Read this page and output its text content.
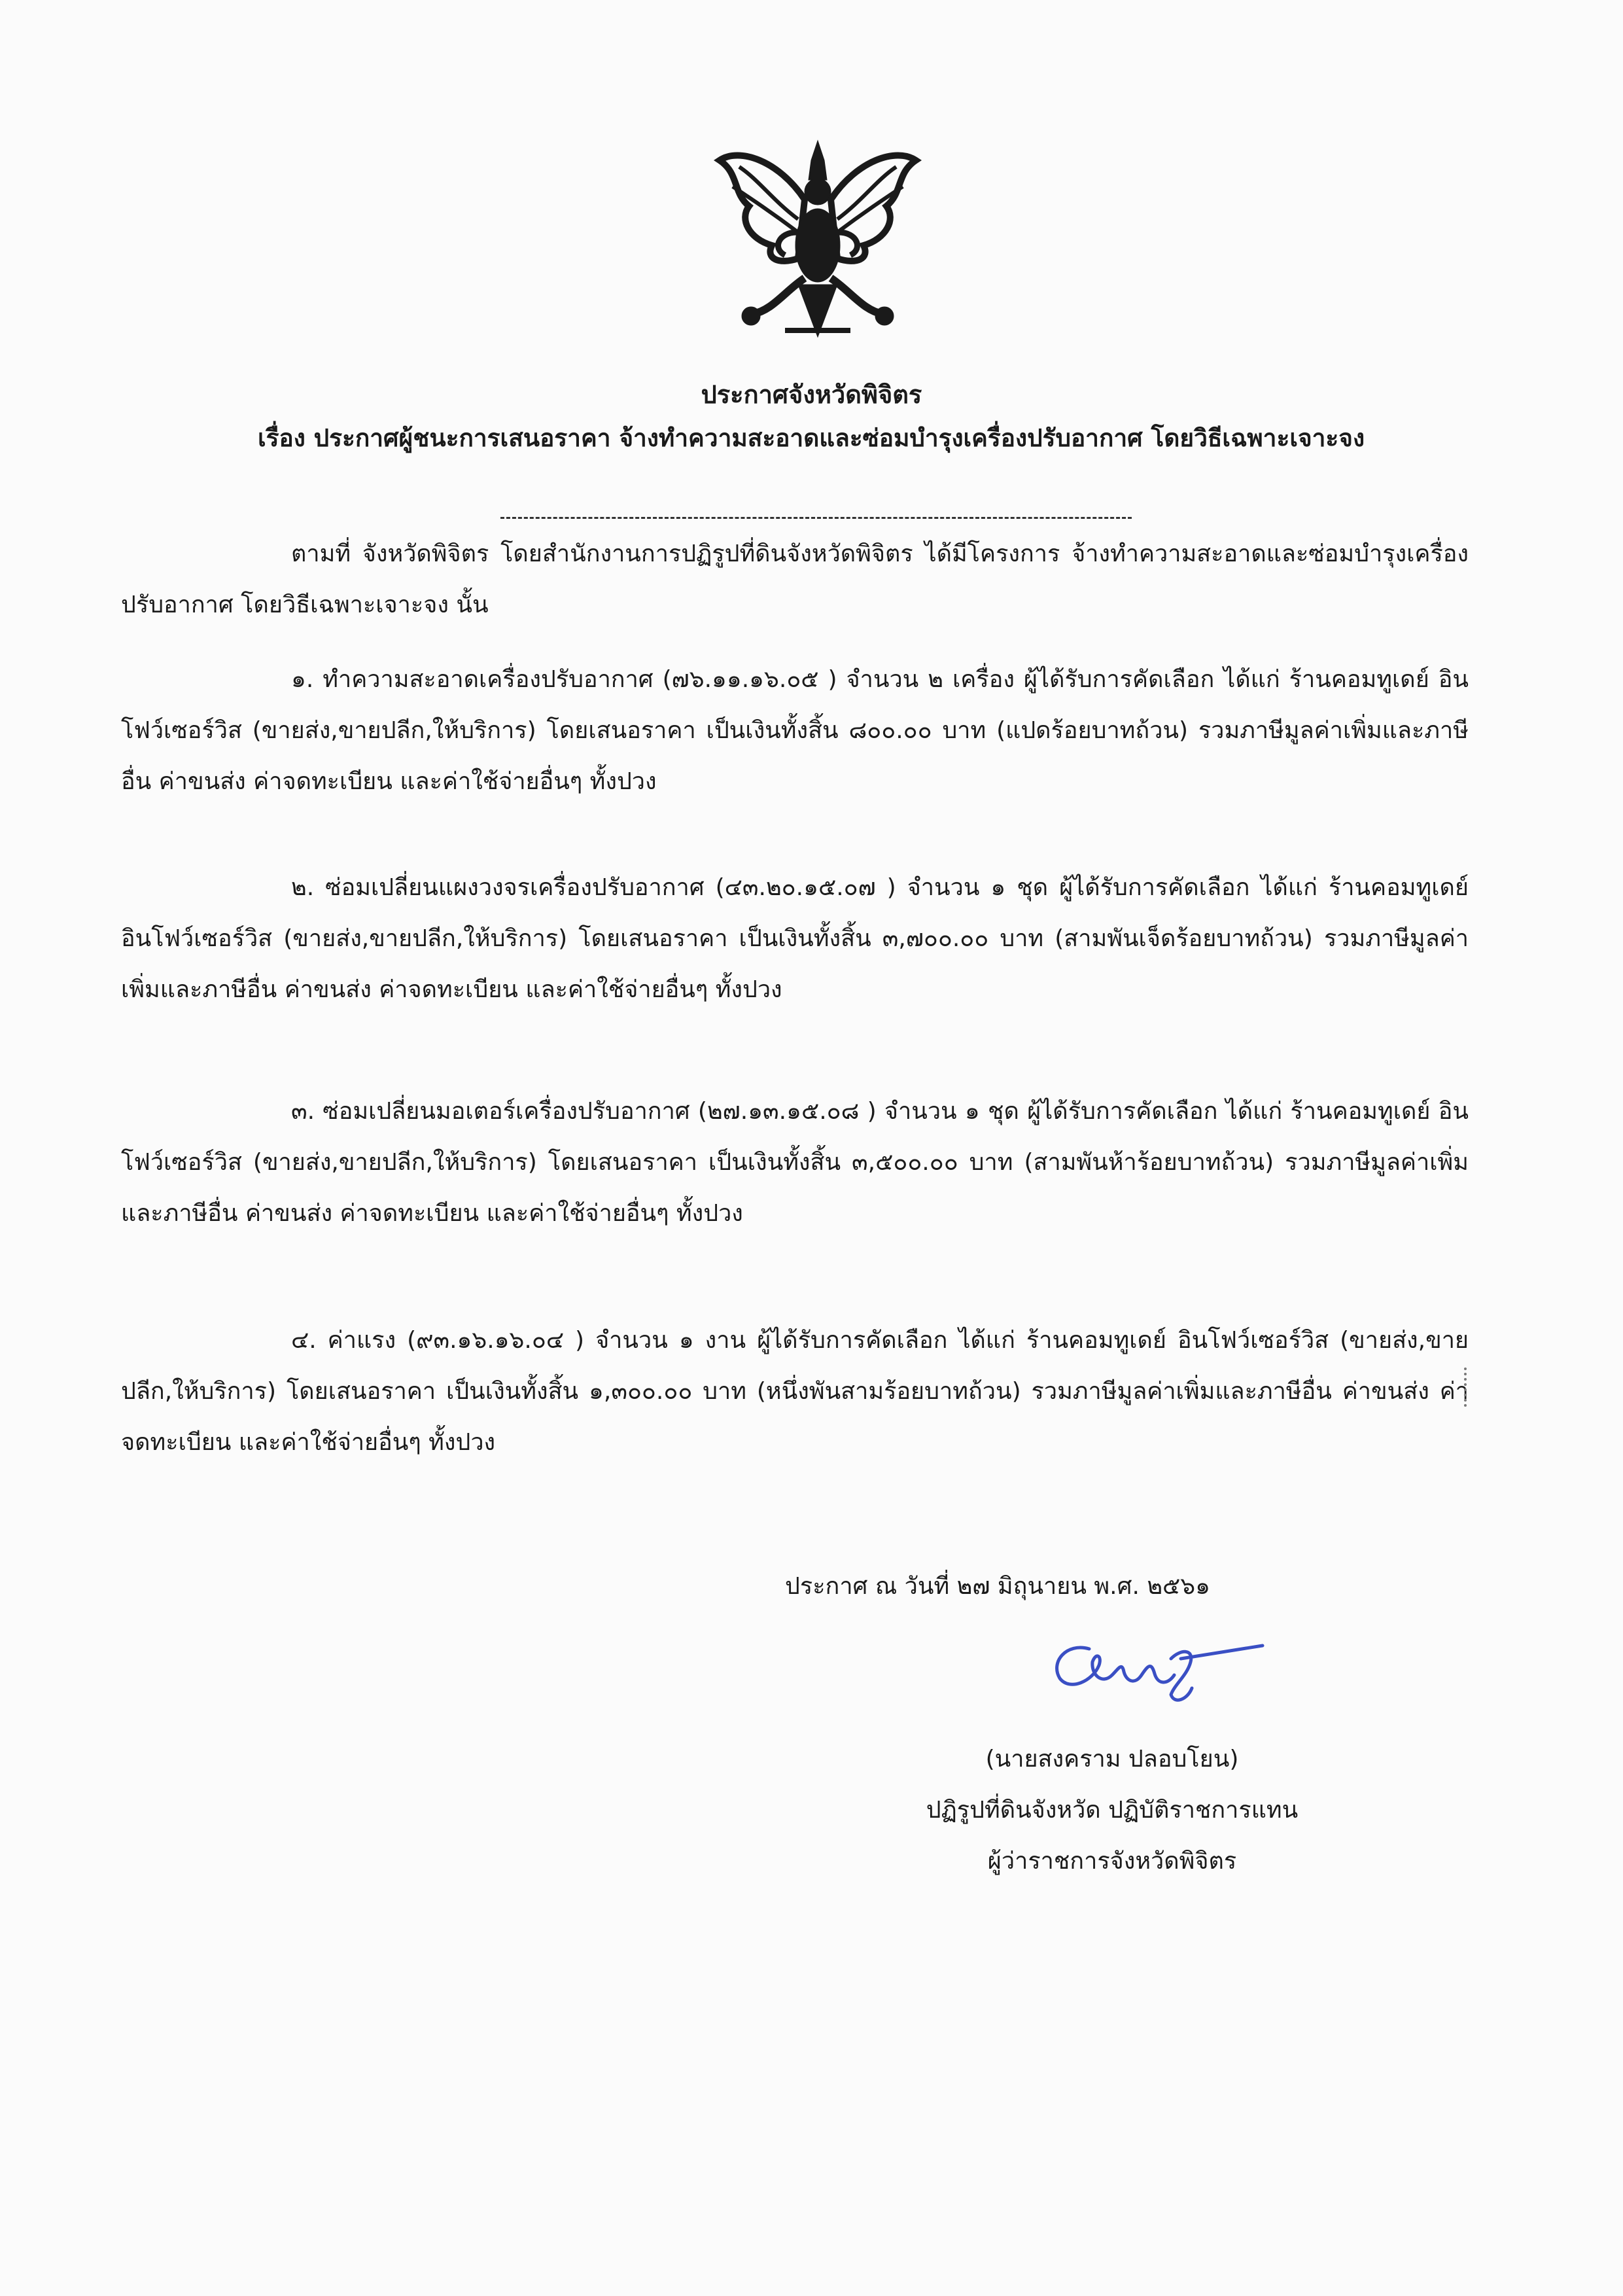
ประกาศจังหวัดพิจิตร
เรื่อง ประกาศผู้ชนะการเสนอราคา จ้างทำความสะอาดและซ่อมบำรุงเครื่องปรับอากาศ โดยวิธีเฉพาะเจาะจง
ตามที่ จังหวัดพิจิตร โดยสำนักงานการปฏิรูปที่ดินจังหวัดพิจิตร ได้มีโครงการ จ้างทำความสะอาดและซ่อมบำรุงเครื่องปรับอากาศ โดยวิธีเฉพาะเจาะจง นั้น
๑. ทำความสะอาดเครื่องปรับอากาศ (๗๖.๑๑.๑๖.๐๕ ) จำนวน ๒ เครื่อง ผู้ได้รับการคัดเลือก ได้แก่ ร้านคอมทูเดย์ อินโฟว์เซอร์วิส (ขายส่ง,ขายปลีก,ให้บริการ) โดยเสนอราคา เป็นเงินทั้งสิ้น ๘๐๐.๐๐ บาท (แปดร้อยบาทถ้วน) รวมภาษีมูลค่าเพิ่มและภาษีอื่น ค่าขนส่ง ค่าจดทะเบียน และค่าใช้จ่ายอื่นๆ ทั้งปวง
๒. ซ่อมเปลี่ยนแผงวงจรเครื่องปรับอากาศ (๔๓.๒๐.๑๕.๐๗ ) จำนวน ๑ ชุด ผู้ได้รับการคัดเลือก ได้แก่ ร้านคอมทูเดย์ อินโฟว์เซอร์วิส (ขายส่ง,ขายปลีก,ให้บริการ) โดยเสนอราคา เป็นเงินทั้งสิ้น ๓,๗๐๐.๐๐ บาท (สามพันเจ็ดร้อยบาทถ้วน) รวมภาษีมูลค่าเพิ่มและภาษีอื่น ค่าขนส่ง ค่าจดทะเบียน และค่าใช้จ่ายอื่นๆ ทั้งปวง
๓. ซ่อมเปลี่ยนมอเตอร์เครื่องปรับอากาศ (๒๗.๑๓.๑๕.๐๘ ) จำนวน ๑ ชุด ผู้ได้รับการคัดเลือก ได้แก่ ร้านคอมทูเดย์ อินโฟว์เซอร์วิส (ขายส่ง,ขายปลีก,ให้บริการ) โดยเสนอราคา เป็นเงินทั้งสิ้น ๓,๕๐๐.๐๐ บาท (สามพันห้าร้อยบาทถ้วน) รวมภาษีมูลค่าเพิ่มและภาษีอื่น ค่าขนส่ง ค่าจดทะเบียน และค่าใช้จ่ายอื่นๆ ทั้งปวง
๔. ค่าแรง (๙๓.๑๖.๑๖.๐๔ ) จำนวน ๑ งาน ผู้ได้รับการคัดเลือก ได้แก่ ร้านคอมทูเดย์ อินโฟว์เซอร์วิส (ขายส่ง,ขายปลีก,ให้บริการ) โดยเสนอราคา เป็นเงินทั้งสิ้น ๑,๓๐๐.๐๐ บาท (หนึ่งพันสามร้อยบาทถ้วน) รวมภาษีมูลค่าเพิ่มและภาษีอื่น ค่าขนส่ง ค่าจดทะเบียน และค่าใช้จ่ายอื่นๆ ทั้งปวง
ประกาศ ณ วันที่ ๒๗ มิถุนายน พ.ศ. ๒๕๖๑
(นายสงคราม ปลอบโยน)
ปฏิรูปที่ดินจังหวัด ปฏิบัติราชการแทน
ผู้ว่าราชการจังหวัดพิจิตร
